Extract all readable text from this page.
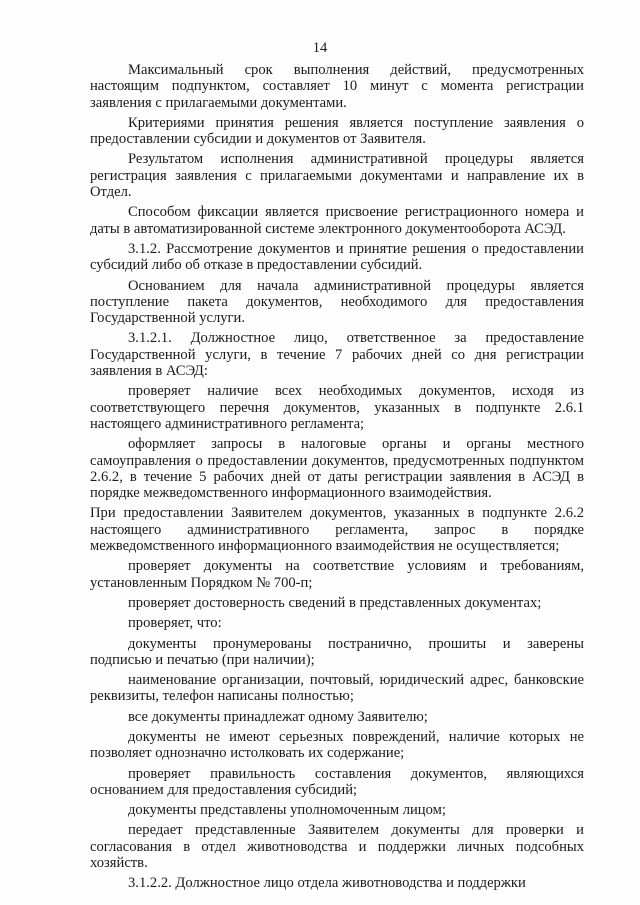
14

Максимальный срок выполнения действий, предусмотренных настоящим подпунктом, составляет 10 минут с момента регистрации заявления с прилагаемыми документами.

Критериями принятия решения является поступление заявления о предоставлении субсидии и документов от Заявителя.

Результатом исполнения административной процедуры является регистрация заявления с прилагаемыми документами и направление их в Отдел.

Способом фиксации является присвоение регистрационного номера и даты в автоматизированной системе электронного документооборота АСЭД.

3.1.2. Рассмотрение документов и принятие решения о предоставлении субсидий либо об отказе в предоставлении субсидий.

Основанием для начала административной процедуры является поступление пакета документов, необходимого для предоставления Государственной услуги.

3.1.2.1. Должностное лицо, ответственное за предоставление Государственной услуги, в течение 7 рабочих дней со дня регистрации заявления в АСЭД:

проверяет наличие всех необходимых документов, исходя из соответствующего перечня документов, указанных в подпункте 2.6.1 настоящего административного регламента;

оформляет запросы в налоговые органы и органы местного самоуправления о предоставлении документов, предусмотренных подпунктом 2.6.2, в течение 5 рабочих дней от даты регистрации заявления в АСЭД в порядке межведомственного информационного взаимодействия.

При предоставлении Заявителем документов, указанных в подпункте 2.6.2 настоящего административного регламента, запрос в порядке межведомственного информационного взаимодействия не осуществляется;

проверяет документы на соответствие условиям и требованиям, установленным Порядком № 700-п;

проверяет достоверность сведений в представленных документах;

проверяет, что:

документы пронумерованы постранично, прошиты и заверены подписью и печатью (при наличии);

наименование организации, почтовый, юридический адрес, банковские реквизиты, телефон написаны полностью;

все документы принадлежат одному Заявителю;

документы не имеют серьезных повреждений, наличие которых не позволяет однозначно истолковать их содержание;

проверяет правильность составления документов, являющихся основанием для предоставления субсидий;

документы представлены уполномоченным лицом;

передает представленные Заявителем документы для проверки и согласования в отдел животноводства и поддержки личных подсобных хозяйств.

3.1.2.2. Должностное лицо отдела животноводства и поддержки
